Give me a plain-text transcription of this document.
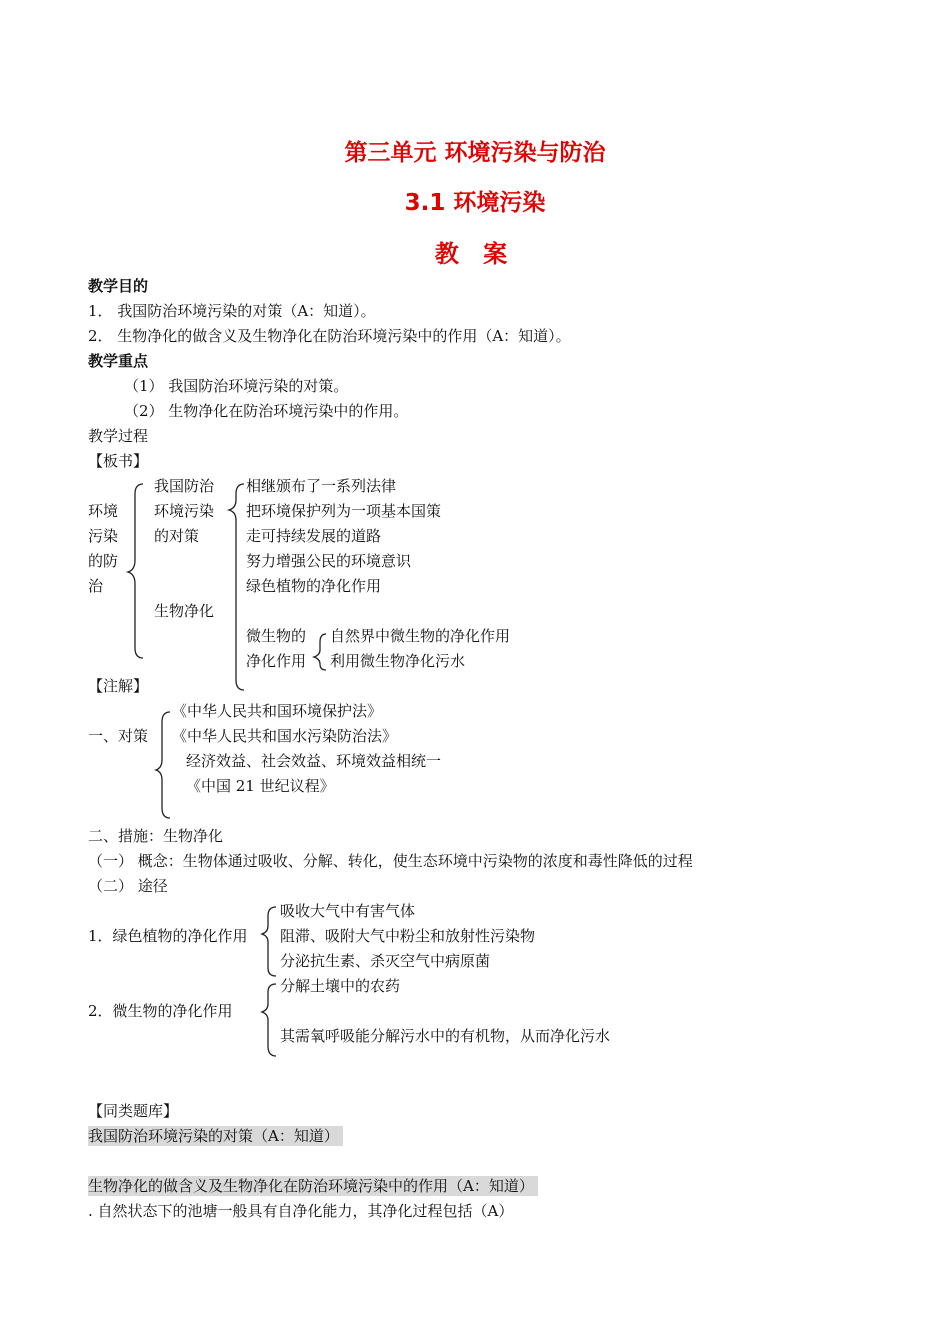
第三单元 环境污染与防治
3.1 环境污染
教 案
教学目的
1． 我国防治环境污染的对策（A：知道）。
2． 生物净化的做含义及生物净化在防治环境污染中的作用（A：知道）。
教学重点
（1） 我国防治环境污染的对策。
（2） 生物净化在防治环境污染中的作用。
教学过程
【板书】
环境
污染
的防
治
我国防治
环境污染
的对策
相继颁布了一系列法律
把环境保护列为一项基本国策
走可持续发展的道路
努力增强公民的环境意识
绿色植物的净化作用
生物净化
微生物的
净化作用
自然界中微生物的净化作用
利用微生物净化污水
【注解】
一、对策
《中华人民共和国环境保护法》
《中华人民共和国水污染防治法》
经济效益、社会效益、环境效益相统一
《中国 21 世纪议程》
二、措施：生物净化
（一） 概念：生物体通过吸收、分解、转化，使生态环境中污染物的浓度和毒性降低的过程
（二） 途径
1．绿色植物的净化作用
2．微生物的净化作用
吸收大气中有害气体
阻滞、吸附大气中粉尘和放射性污染物
分泌抗生素、杀灭空气中病原菌
分解土壤中的农药
其需氧呼吸能分解污水中的有机物，从而净化污水
【同类题库】
我国防治环境污染的对策（A：知道）
生物净化的做含义及生物净化在防治环境污染中的作用（A：知道）
. 自然状态下的池塘一般具有自净化能力，其净化过程包括（A）
